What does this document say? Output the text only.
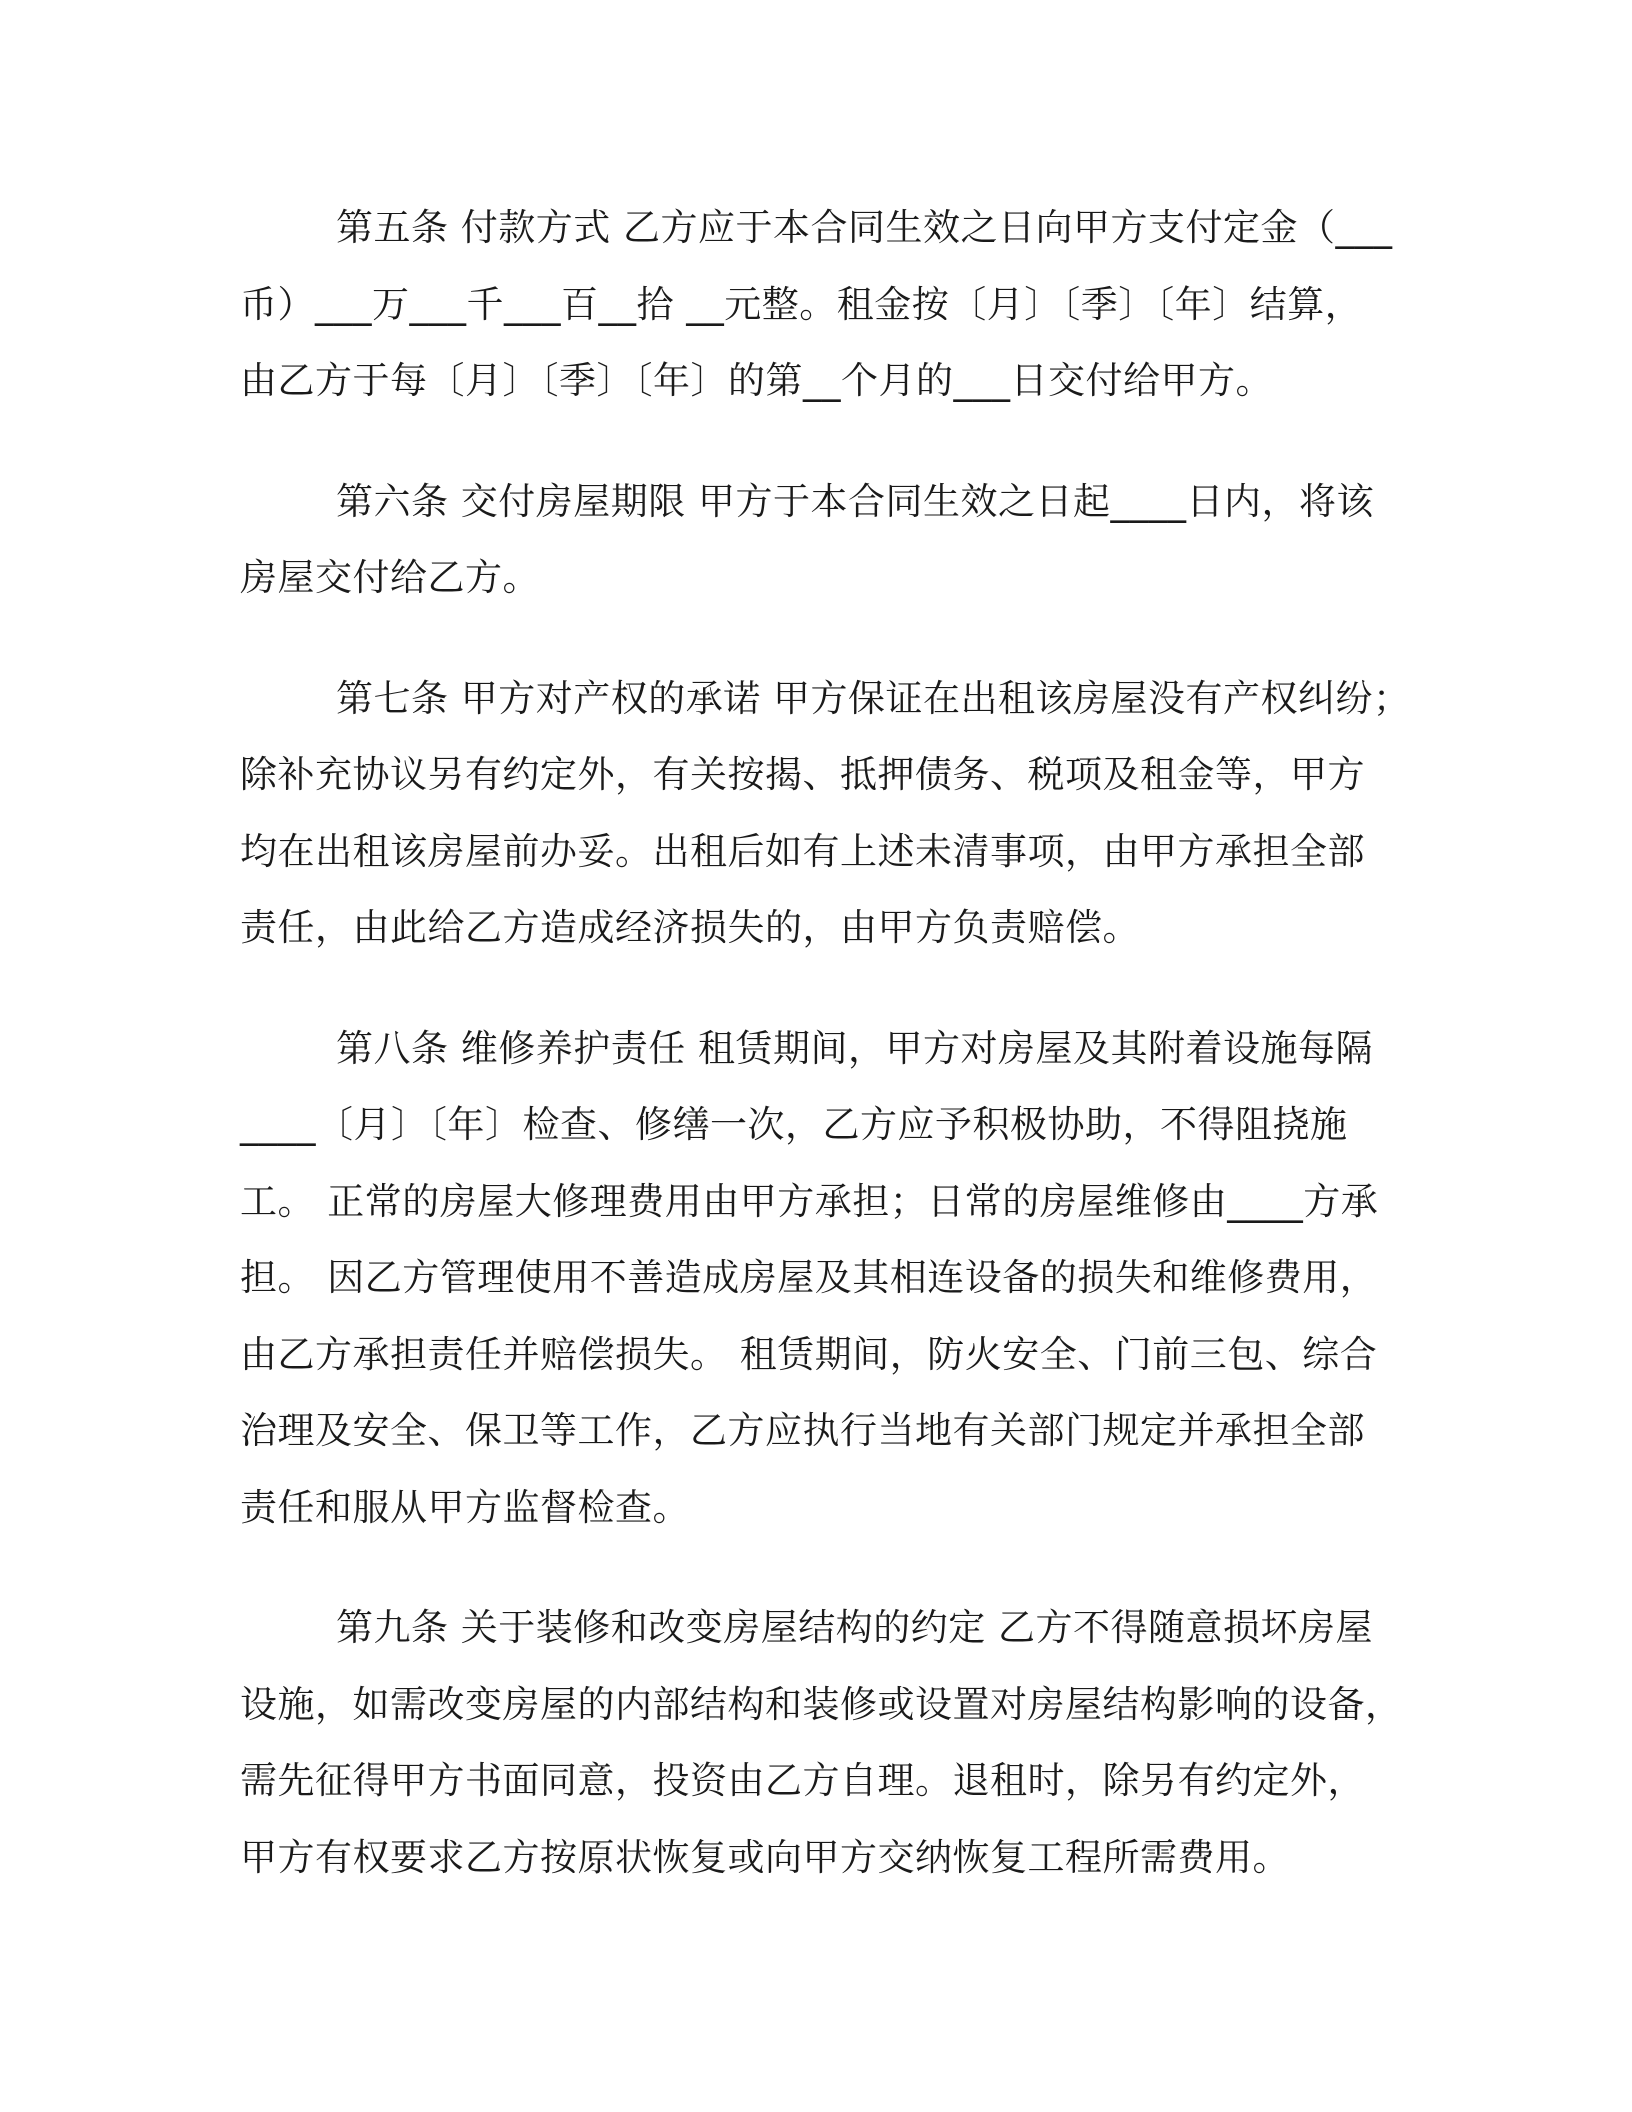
第五条 付款方式 乙方应于本合同生效之日向甲方支付定金（___
币）___万___千___百__拾 __元整。租金按〔月〕〔季〕〔年〕结算，
由乙方于每〔月〕〔季〕〔年〕的第__个月的___日交付给甲方。
第六条 交付房屋期限 甲方于本合同生效之日起____日内，将该
房屋交付给乙方。
第七条 甲方对产权的承诺 甲方保证在出租该房屋没有产权纠纷；
除补充协议另有约定外，有关按揭、抵押债务、税项及租金等，甲方
均在出租该房屋前办妥。出租后如有上述未清事项，由甲方承担全部
责任，由此给乙方造成经济损失的，由甲方负责赔偿。
第八条 维修养护责任 租赁期间，甲方对房屋及其附着设施每隔
____〔月〕〔年〕检查、修缮一次，乙方应予积极协助，不得阻挠施
工。 正常的房屋大修理费用由甲方承担；日常的房屋维修由____方承
担。 因乙方管理使用不善造成房屋及其相连设备的损失和维修费用，
由乙方承担责任并赔偿损失。 租赁期间，防火安全、门前三包、综合
治理及安全、保卫等工作，乙方应执行当地有关部门规定并承担全部
责任和服从甲方监督检查。
第九条 关于装修和改变房屋结构的约定 乙方不得随意损坏房屋
设施，如需改变房屋的内部结构和装修或设置对房屋结构影响的设备，
需先征得甲方书面同意，投资由乙方自理。退租时，除另有约定外，
甲方有权要求乙方按原状恢复或向甲方交纳恢复工程所需费用。
